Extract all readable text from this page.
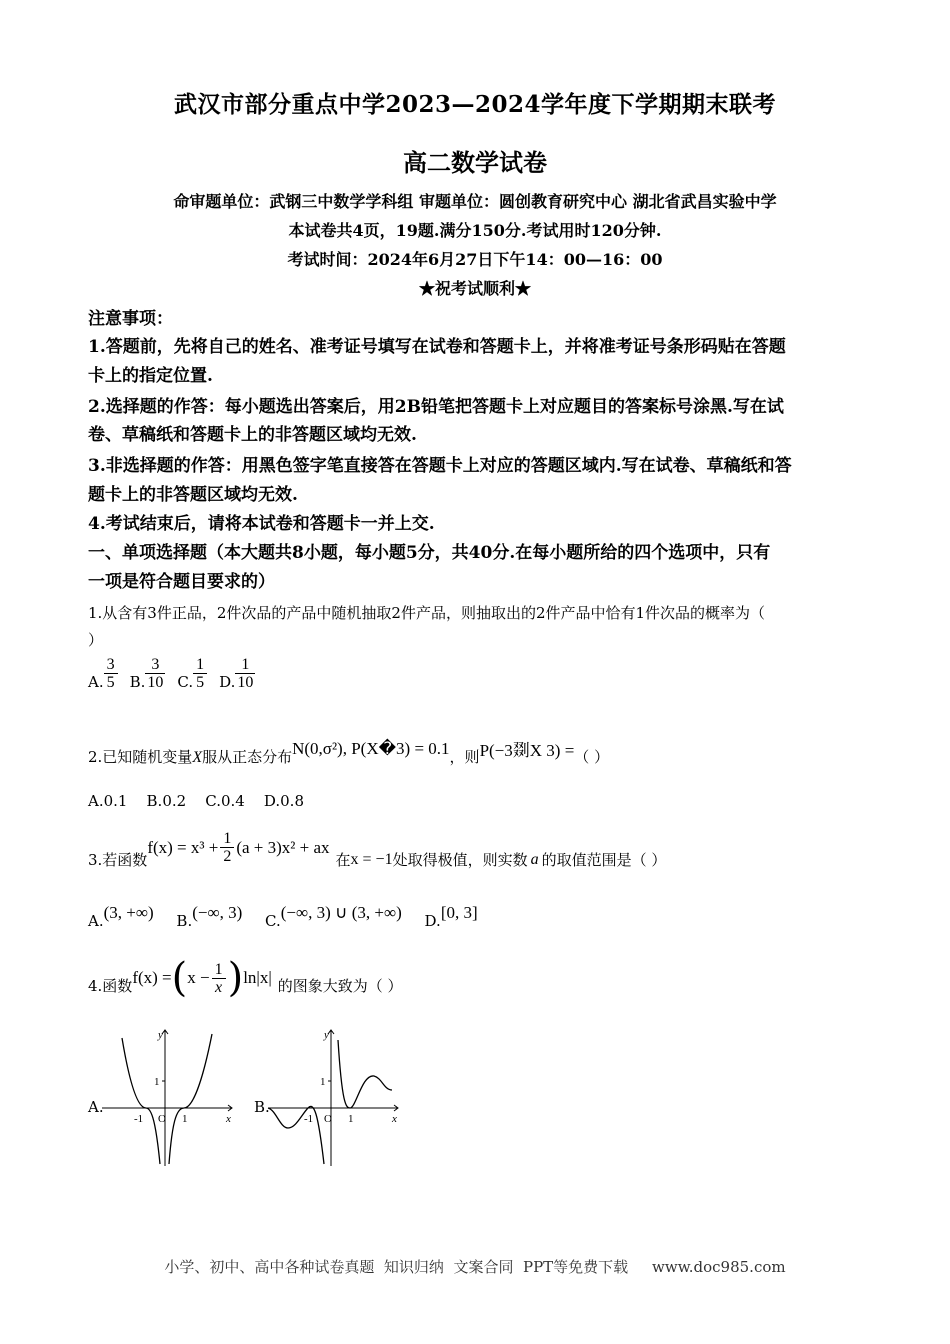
武汉市部分重点中学2023—2024学年度下学期期末联考
高二数学试卷
命审题单位：武钢三中数学学科组 审题单位：圆创教育研究中心 湖北省武昌实验中学
本试卷共4页，19题.满分150分.考试用时120分钟.
考试时间：2024年6月27日下午14：00—16：00
★祝考试顺利★
注意事项：
1.答题前，先将自己的姓名、准考证号填写在试卷和答题卡上，并将准考证号条形码贴在答题
卡上的指定位置.
2.选择题的作答：每小题选出答案后，用2B铅笔把答题卡上对应题目的答案标号涂黑.写在试
卷、草稿纸和答题卡上的非答题区域均无效.
3.非选择题的作答：用黑色签字笔直接答在答题卡上对应的答题区域内.写在试卷、草稿纸和答
题卡上的非答题区域均无效.
4.考试结束后，请将本试卷和答题卡一并上交.
一、单项选择题（本大题共8小题，每小题5分，共40分.在每小题所给的四个选项中，只有
一项是符合题目要求的）
1.从含有3件正品，2件次品的产品中随机抽取2件产品，则抽取出的2件产品中恰有1件次品的概率为（
）
A. $\frac{3}{5} B$. $\frac{3}{10} C$. $\frac{1}{5} D$. $\frac{1}{10}$
2.已知随机变量X服从正态分布N(0,σ²), P(X�3) = 0.1，则P(−3剟X 3) =（ ）
A.0.1    B.0.2    C.0.4    D.0.8
3.若函数
$f(x) = x^3 + \frac{1}{2} (a + 3)x^2$ + ax
在 x = −1 处取得极值，则实数 a 的取值范围是（ ）
A.(3, +∞) B.(−∞, 3) C.(−∞, 3) ∪ (3, +∞) D.[0, 3]
4.函数 f(x) = ( $x - \frac{1}{x}$ ) ln|x| 的图象大致为（ ）
A.
y
x
1
-1 O 1
B.
y
x
1
-1 O 1
小学、初中、高中各种试卷真题  知识归纳  文案合同  PPT等免费下载     www.doc985.com
